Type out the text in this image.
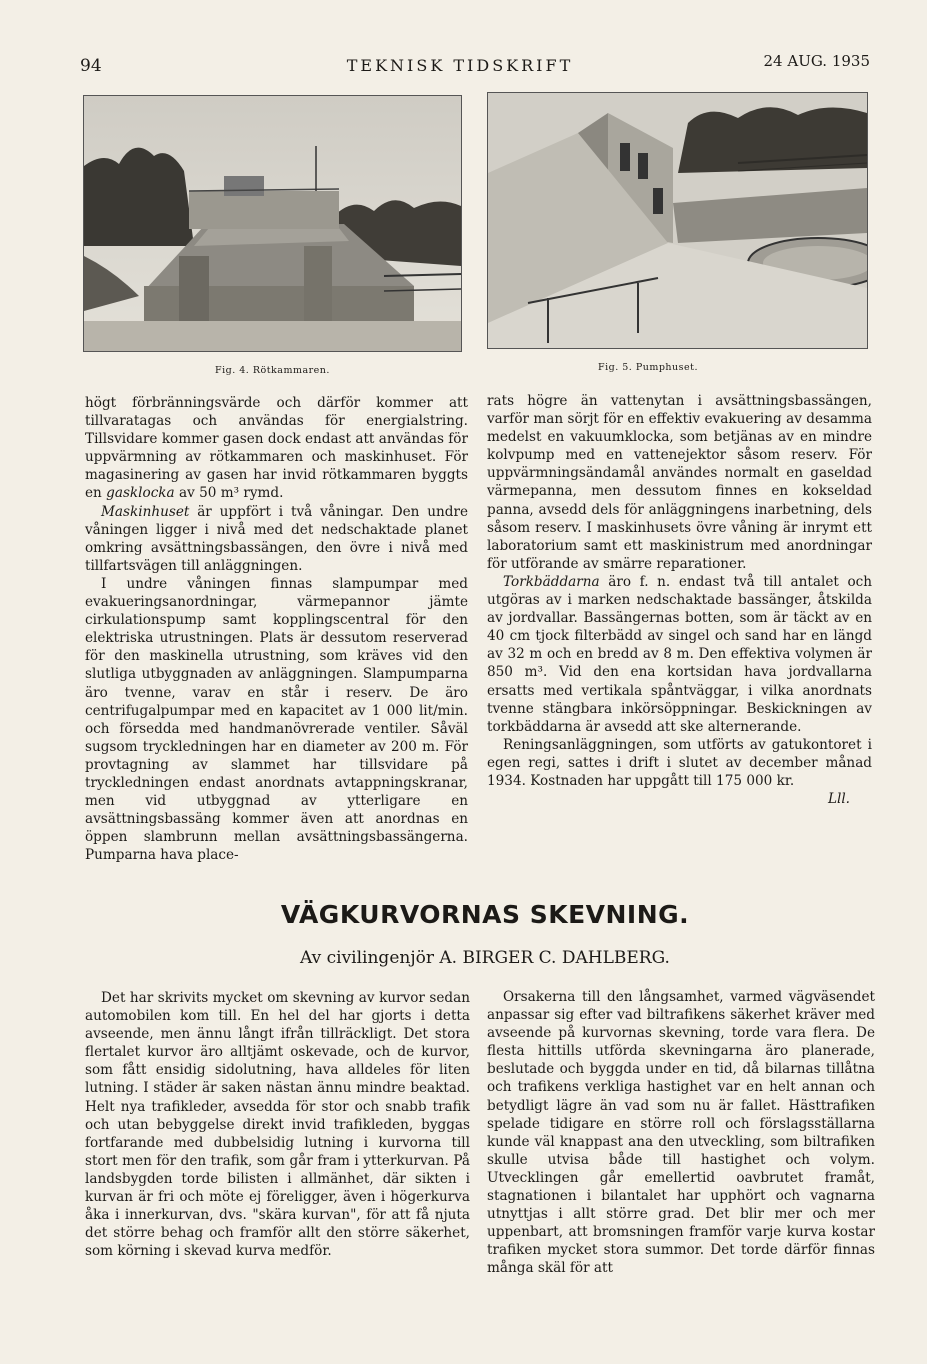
94	TEKNISK TIDSKRIFT	24 AUG. 1935
Fig. 4. Rötkammaren.	Fig. 5. Pumphuset.

högt förbränningsvärde och därför kommer att tillvaratagas och användas för energialstring. Tillsvidare kommer gasen dock endast att användas för uppvärmning av rötkammaren och maskinhuset. För magasinering av gasen har invid rötkammaren byggts en gasklocka av 50 m³ rymd.

Maskinhuset är uppfört i två våningar. Den undre våningen ligger i nivå med det nedschaktade planet omkring avsättningsbassängen, den övre i nivå med tillfartsvägen till anläggningen.

I undre våningen finnas slampumpar med evakueringsanordningar, värmepannor jämte cirkulationspump samt kopplingscentral för den elektriska utrustningen. Plats är dessutom reserverad för den maskinella utrustning, som kräves vid den slutliga utbyggnaden av anläggningen. Slampumparna äro tvenne, varav en står i reserv. De äro centrifugalpumpar med en kapacitet av 1 000 lit/min. och försedda med handmanövrerade ventiler. Såväl sugsom tryckledningen har en diameter av 200 m. För provtagning av slammet har tillsvidare på tryckledningen endast anordnats avtappningskranar, men vid utbyggnad av ytterligare en avsättningsbassäng kommer även att anordnas en öppen slambrunn mellan avsättningsbassängerna. Pumparna hava place-

rats högre än vattenytan i avsättningsbassängen, varför man sörjt för en effektiv evakuering av desamma medelst en vakuumklocka, som betjänas av en mindre kolvpump med en vattenejektor såsom reserv. För uppvärmningsändamål användes normalt en gaseldad värmepanna, men dessutom finnes en kokseldad panna, avsedd dels för anläggningens inarbetning, dels såsom reserv. I maskinhusets övre våning är inrymt ett laboratorium samt ett maskinistrum med anordningar för utförande av smärre reparationer.

Torkbäddarna äro f. n. endast två till antalet och utgöras av i marken nedschaktade bassänger, åtskilda av jordvallar. Bassängernas botten, som är täckt av en 40 cm tjock filterbädd av singel och sand har en längd av 32 m och en bredd av 8 m. Den effektiva volymen är 850 m³. Vid den ena kortsidan hava jordvallarna ersatts med vertikala spåntväggar, i vilka anordnats tvenne stängbara inkörsöppningar. Beskickningen av torkbäddarna är avsedd att ske alternerande.

Reningsanläggningen, som utförts av gatukontoret i egen regi, sattes i drift i slutet av december månad 1934. Kostnaden har uppgått till 175 000 kr.

Lll.

VÄGKURVORNAS SKEVNING.
Av civilingenjör A. BIRGER C. DAHLBERG.

Det har skrivits mycket om skevning av kurvor sedan automobilen kom till. En hel del har gjorts i detta avseende, men ännu långt ifrån tillräckligt. Det stora flertalet kurvor äro alltjämt oskevade, och de kurvor, som fått ensidig sidolutning, hava alldeles för liten lutning. I städer är saken nästan ännu mindre beaktad. Helt nya trafikleder, avsedda för stor och snabb trafik och utan bebyggelse direkt invid trafikleden, byggas fortfarande med dubbelsidig lutning i kurvorna till stort men för den trafik, som går fram i ytterkurvan. På landsbygden torde bilisten i allmänhet, där sikten i kurvan är fri och möte ej föreligger, även i högerkurva åka i innerkurvan, dvs. "skära kurvan", för att få njuta det större behag och framför allt den större säkerhet, som körning i skevad kurva medför.

Orsakerna till den långsamhet, varmed vägväsendet anpassar sig efter vad biltrafikens säkerhet kräver med avseende på kurvornas skevning, torde vara flera. De flesta hittills utförda skevningarna äro planerade, beslutade och byggda under en tid, då bilarnas tillåtna och trafikens verkliga hastighet var en helt annan och betydligt lägre än vad som nu är fallet. Hästtrafiken spelade tidigare en större roll och förslagsställarna kunde väl knappast ana den utveckling, som biltrafiken skulle utvisa både till hastighet och volym. Utvecklingen går emellertid oavbrutet framåt, stagnationen i bilantalet har upphört och vagnarna utnyttjas i allt större grad. Det blir mer och mer uppenbart, att bromsningen framför varje kurva kostar trafiken mycket stora summor. Det torde därför finnas många skäl för att
